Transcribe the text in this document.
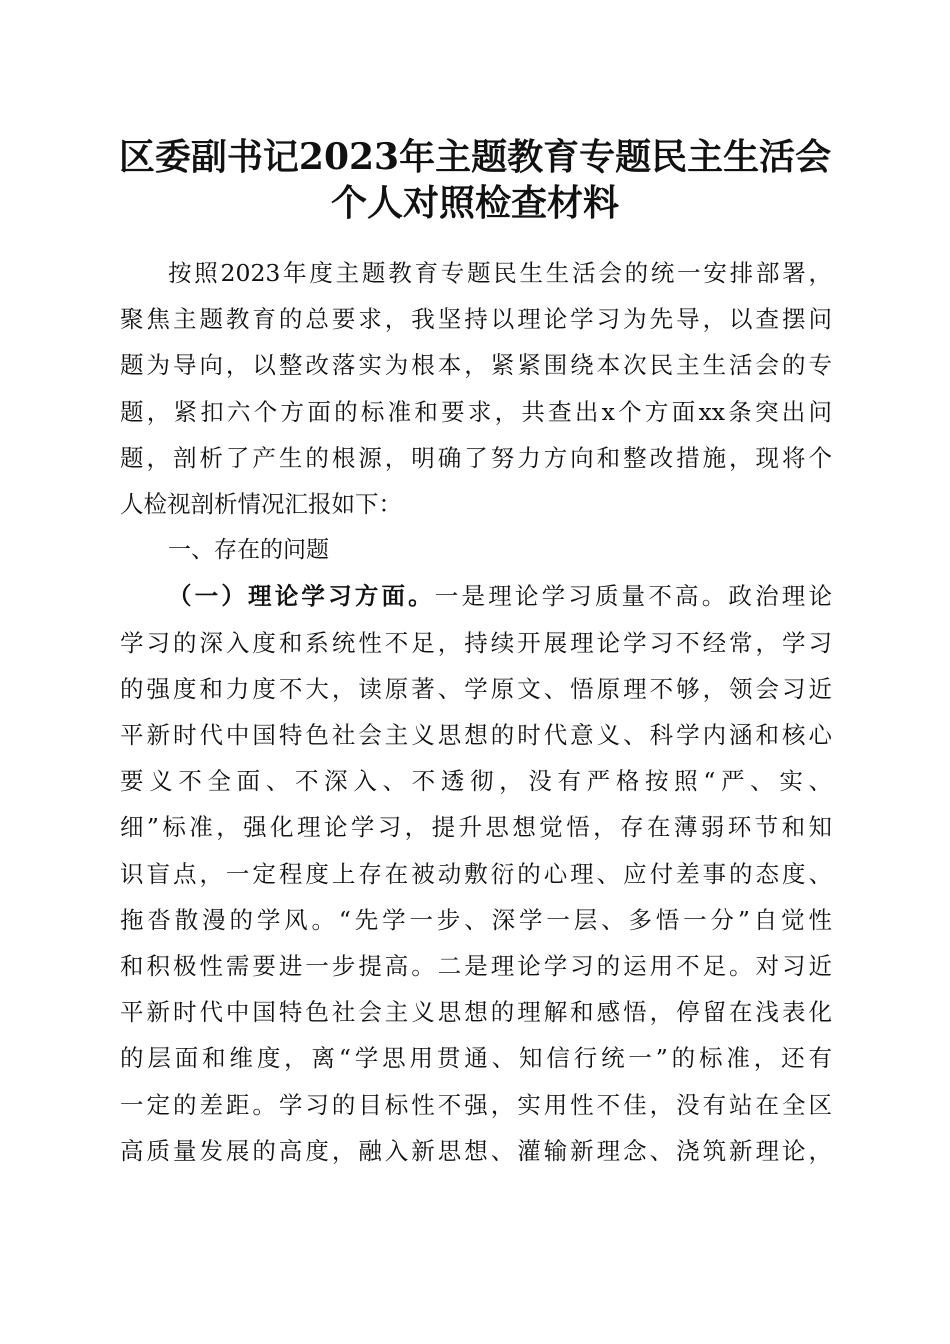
区委副书记2023年主题教育专题民主生活会
个人对照检查材料
按照2023年度主题教育专题民生生活会的统一安排部署，
聚焦主题教育的总要求，我坚持以理论学习为先导，以查摆问
题为导向，以整改落实为根本，紧紧围绕本次民主生活会的专
题，紧扣六个方面的标准和要求，共查出x个方面xx条突出问
题，剖析了产生的根源，明确了努力方向和整改措施，现将个
人检视剖析情况汇报如下：
一、存在的问题
（一）理论学习方面。一是理论学习质量不高。政治理论
学习的深入度和系统性不足，持续开展理论学习不经常，学习
的强度和力度不大，读原著、学原文、悟原理不够，领会习近
平新时代中国特色社会主义思想的时代意义、科学内涵和核心
要义不全面、不深入、不透彻，没有严格按照“严、实、
细”标准，强化理论学习，提升思想觉悟，存在薄弱环节和知
识盲点，一定程度上存在被动敷衍的心理、应付差事的态度、
拖沓散漫的学风。“先学一步、深学一层、多悟一分”自觉性
和积极性需要进一步提高。二是理论学习的运用不足。对习近
平新时代中国特色社会主义思想的理解和感悟，停留在浅表化
的层面和维度，离“学思用贯通、知信行统一”的标准，还有
一定的差距。学习的目标性不强，实用性不佳，没有站在全区
高质量发展的高度，融入新思想、灌输新理念、浇筑新理论，
